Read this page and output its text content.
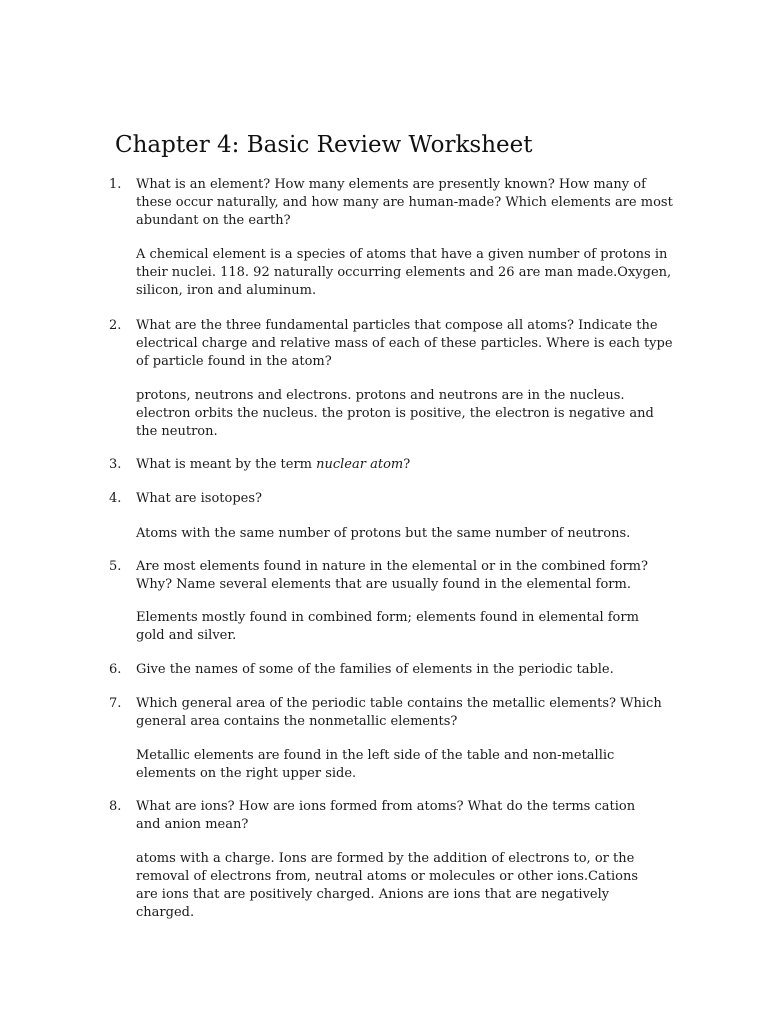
Chapter 4: Basic Review Worksheet
1.	What is an element? How many elements are presently known? How many of
these occur naturally, and how many are human-made? Which elements are most
abundant on the earth?
A chemical element is a species of atoms that have a given number of protons in
their nuclei. 118. 92 naturally occurring elements and 26 are man made.Oxygen,
silicon, iron and aluminum.
2.	What are the three fundamental particles that compose all atoms? Indicate the
electrical charge and relative mass of each of these particles. Where is each type
of particle found in the atom?
protons, neutrons and electrons. protons and neutrons are in the nucleus.
electron orbits the nucleus. the proton is positive, the electron is negative and
the neutron.
3.	What is meant by the term nuclear atom?
4.	What are isotopes?
Atoms with the same number of protons but the same number of neutrons.
5.	Are most elements found in nature in the elemental or in the combined form?
Why? Name several elements that are usually found in the elemental form.
Elements mostly found in combined form; elements found in elemental form
gold and silver.
6.	Give the names of some of the families of elements in the periodic table.
7.	Which general area of the periodic table contains the metallic elements? Which
general area contains the nonmetallic elements?
Metallic elements are found in the left side of the table and non-metallic
elements on the right upper side.
8.	What are ions? How are ions formed from atoms? What do the terms cation
and anion mean?
atoms with a charge. Ions are formed by the addition of electrons to, or the
removal of electrons from, neutral atoms or molecules or other ions.Cations
are ions that are positively charged. Anions are ions that are negatively
charged.
